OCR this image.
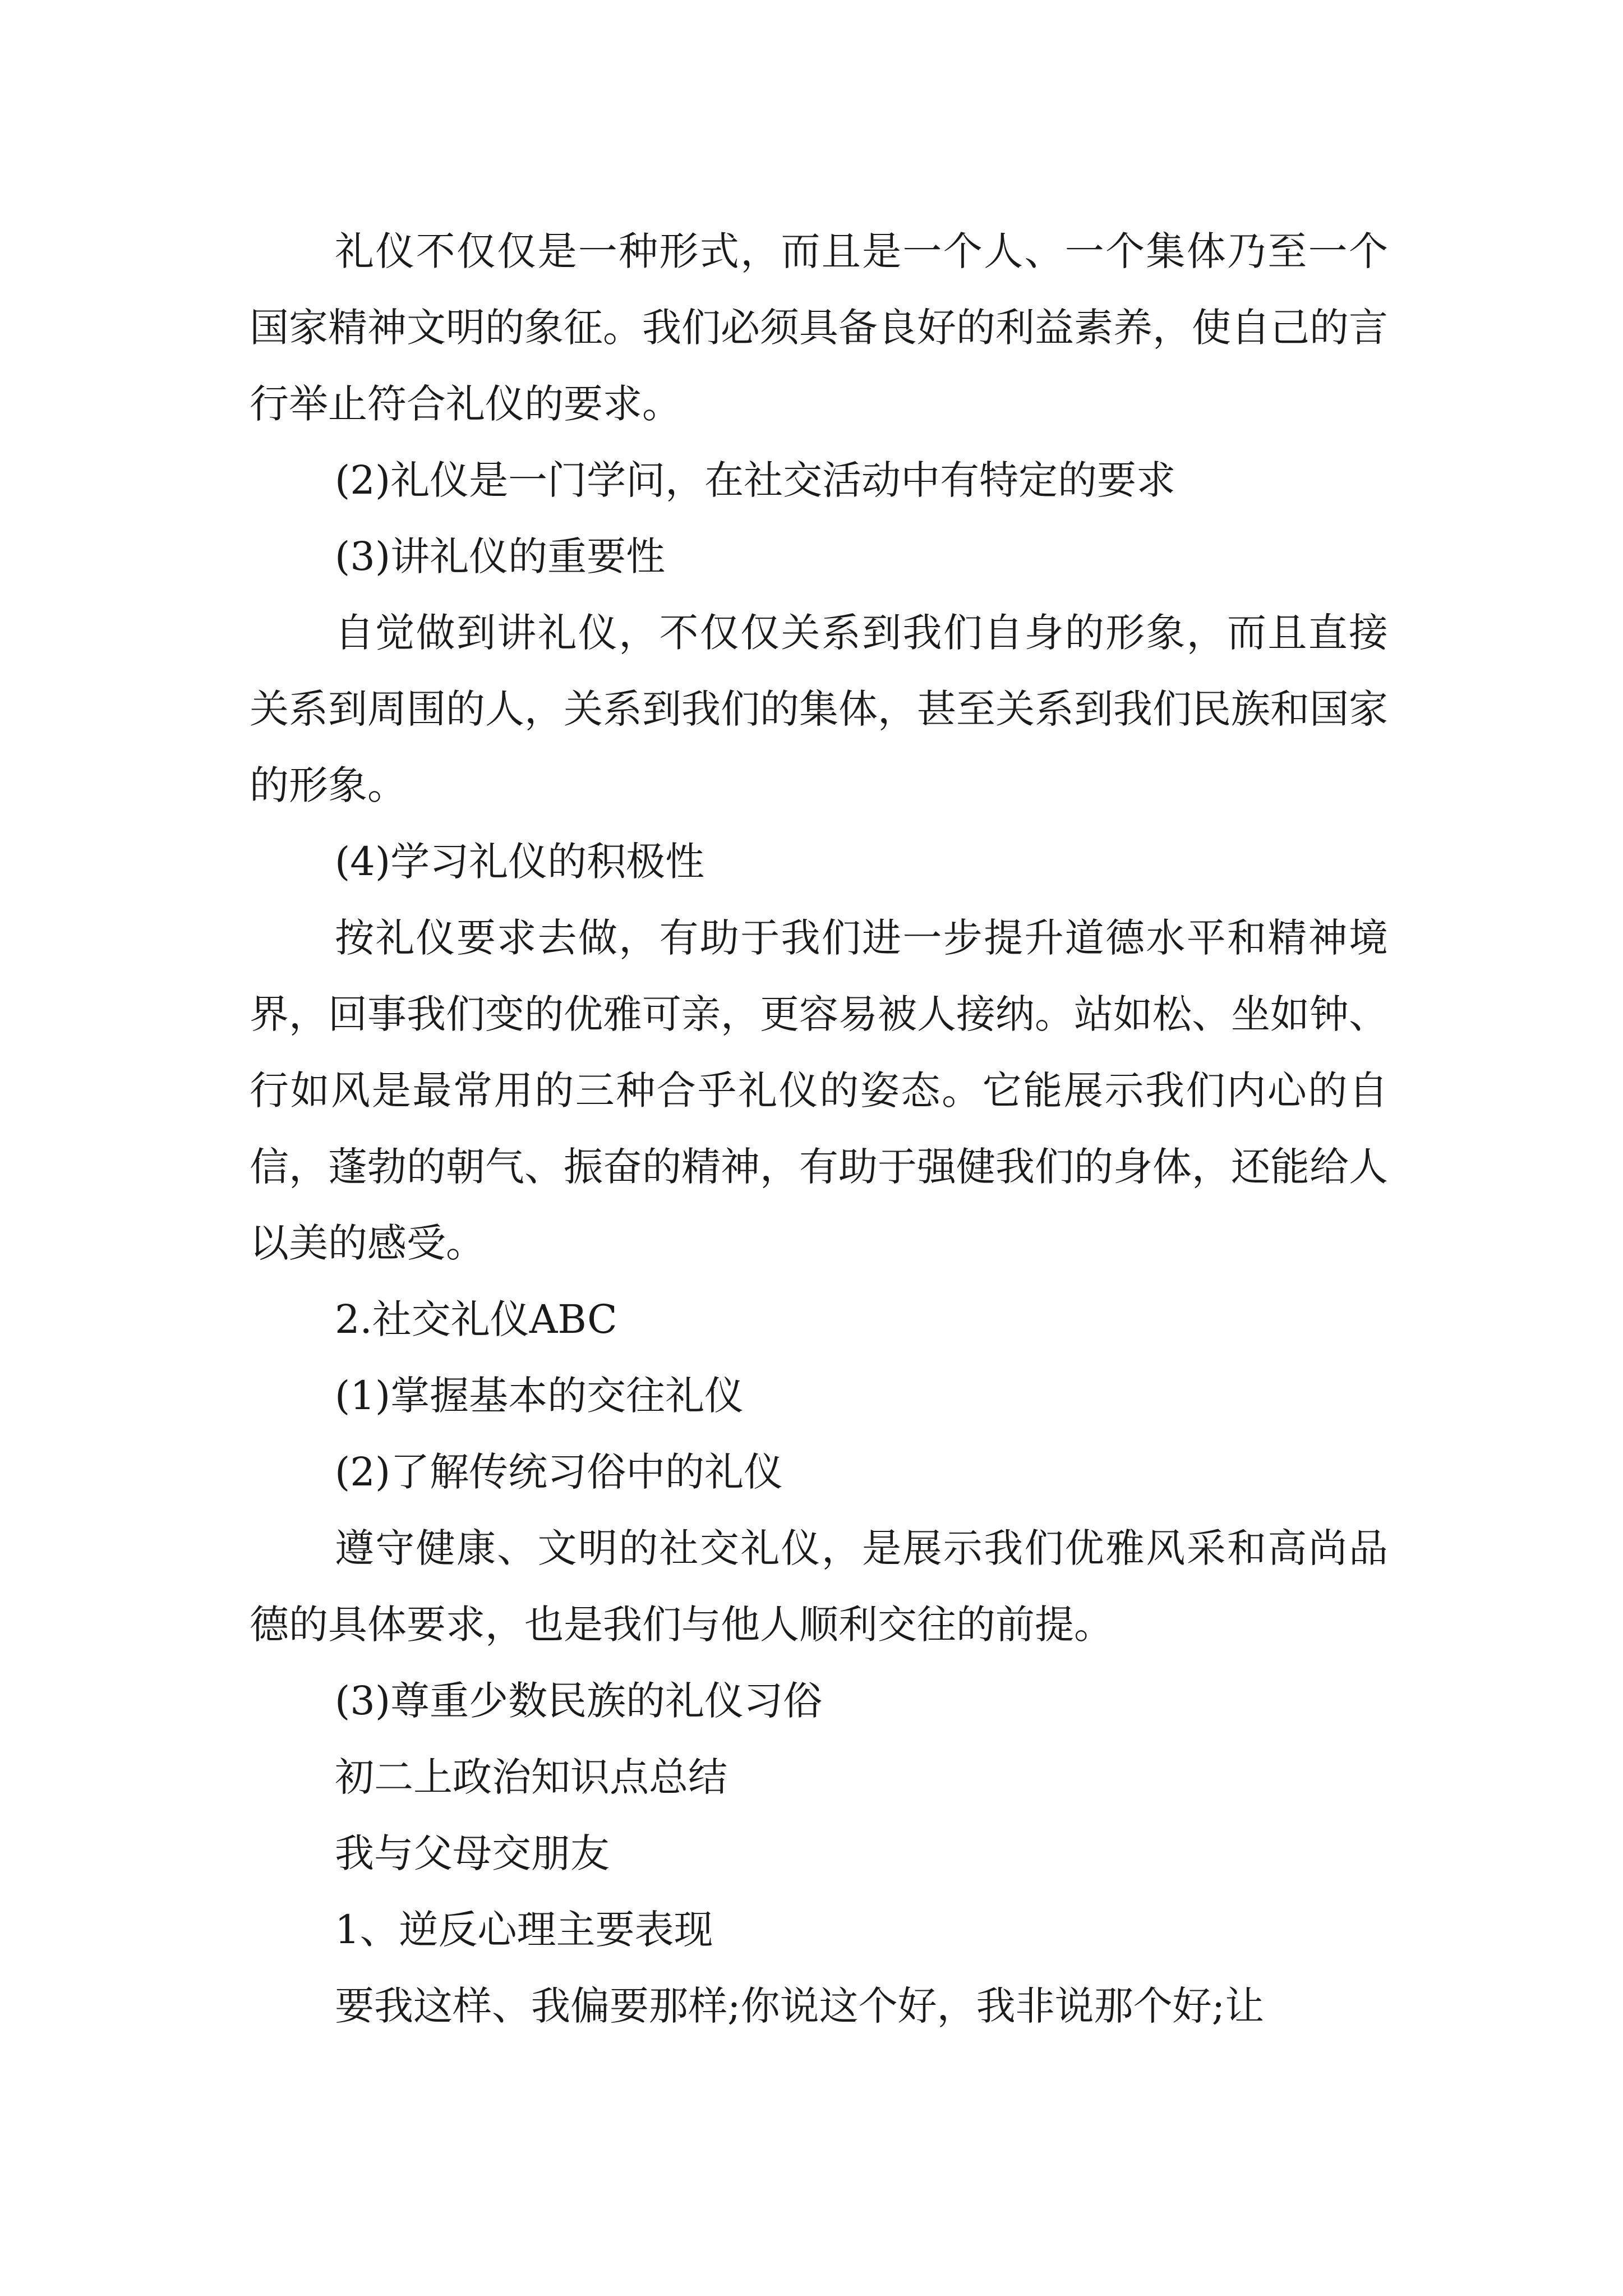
礼仪不仅仅是一种形式，而且是一个人、一个集体乃至一个国家精神文明的象征。我们必须具备良好的利益素养，使自己的言行举止符合礼仪的要求。

(2)礼仪是一门学问，在社交活动中有特定的要求

(3)讲礼仪的重要性

自觉做到讲礼仪，不仅仅关系到我们自身的形象，而且直接关系到周围的人，关系到我们的集体，甚至关系到我们民族和国家的形象。

(4)学习礼仪的积极性

按礼仪要求去做，有助于我们进一步提升道德水平和精神境界，回事我们变的优雅可亲，更容易被人接纳。站如松、坐如钟、行如风是最常用的三种合乎礼仪的姿态。它能展示我们内心的自信，蓬勃的朝气、振奋的精神，有助于强健我们的身体，还能给人以美的感受。

2.社交礼仪ABC

(1)掌握基本的交往礼仪

(2)了解传统习俗中的礼仪

遵守健康、文明的社交礼仪，是展示我们优雅风采和高尚品德的具体要求，也是我们与他人顺利交往的前提。

(3)尊重少数民族的礼仪习俗

初二上政治知识点总结

我与父母交朋友

1、逆反心理主要表现

要我这样、我偏要那样;你说这个好，我非说那个好;让
